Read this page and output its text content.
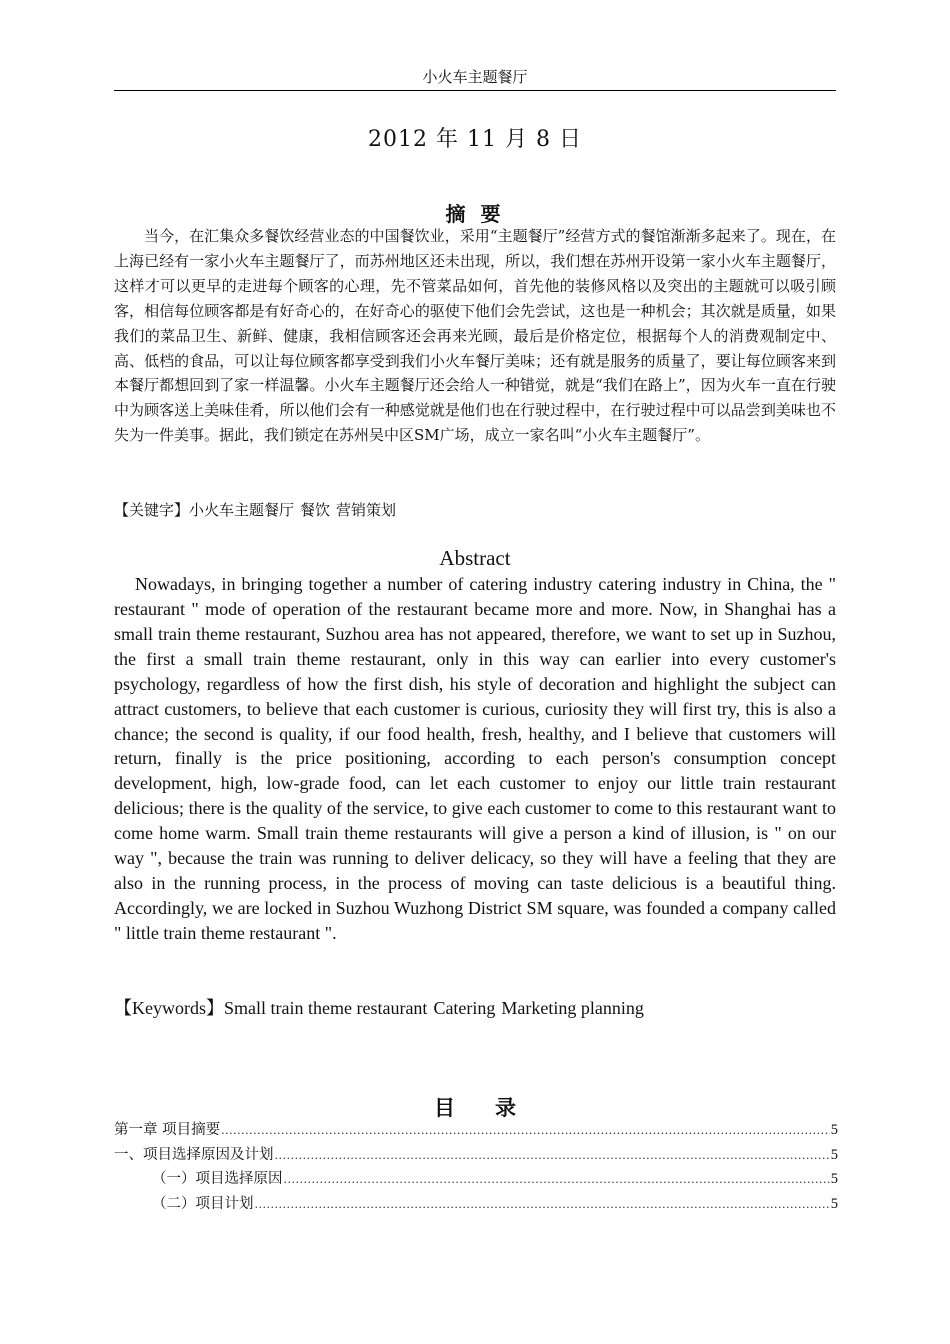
小火车主题餐厅
2012 年 11 月 8 日
摘 要

当今，在汇集众多餐饮经营业态的中国餐饮业，采用“主题餐厅”经营方式的餐馆渐渐多起来了。现在，在上海已经有一家小火车主题餐厅了，而苏州地区还未出现，所以，我们想在苏州开设第一家小火车主题餐厅，这样才可以更早的走进每个顾客的心理，先不管菜品如何，首先他的装修风格以及突出的主题就可以吸引顾客，相信每位顾客都是有好奇心的，在好奇心的驱使下他们会先尝试，这也是一种机会；其次就是质量，如果我们的菜品卫生、新鲜、健康，我相信顾客还会再来光顾，最后是价格定位，根据每个人的消费观制定中、高、低档的食品，可以让每位顾客都享受到我们小火车餐厅美味；还有就是服务的质量了，要让每位顾客来到本餐厅都想回到了家一样温馨。小火车主题餐厅还会给人一种错觉，就是“我们在路上”，因为火车一直在行驶中为顾客送上美味佳肴，所以他们会有一种感觉就是他们也在行驶过程中，在行驶过程中可以品尝到美味也不失为一件美事。据此，我们锁定在苏州吴中区SM广场，成立一家名叫“小火车主题餐厅”。

【关键字】小火车主题餐厅 餐饮 营销策划
Abstract

Nowadays, in bringing together a number of catering industry catering industry in China, the " restaurant " mode of operation of the restaurant became more and more. Now, in Shanghai has a small train theme restaurant, Suzhou area has not appeared, therefore, we want to set up in Suzhou, the first a small train theme restaurant, only in this way can earlier into every customer's psychology, regardless of how the first dish, his style of decoration and highlight the subject can attract customers, to believe that each customer is curious, curiosity they will first try, this is also a chance; the second is quality, if our food health, fresh, healthy, and I believe that customers will return, finally is the price positioning, according to each person's consumption concept development, high, low-grade food, can let each customer to enjoy our little train restaurant delicious; there is the quality of the service, to give each customer to come to this restaurant want to come home warm. Small train theme restaurants will give a person a kind of illusion, is " on our way ", because the train was running to deliver delicacy, so they will have a feeling that they are also in the running process, in the process of moving can taste delicious is a beautiful thing. Accordingly, we are locked in Suzhou Wuzhong District SM square, was founded a company called " little train theme restaurant ".

【Keywords】Small train theme restaurant Catering Marketing planning
目 录
第一章 项目摘要 .....	5
一、项目选择原因及计划 .....	5
（一）项目选择原因 .....	5
（二）项目计划 .....	5
